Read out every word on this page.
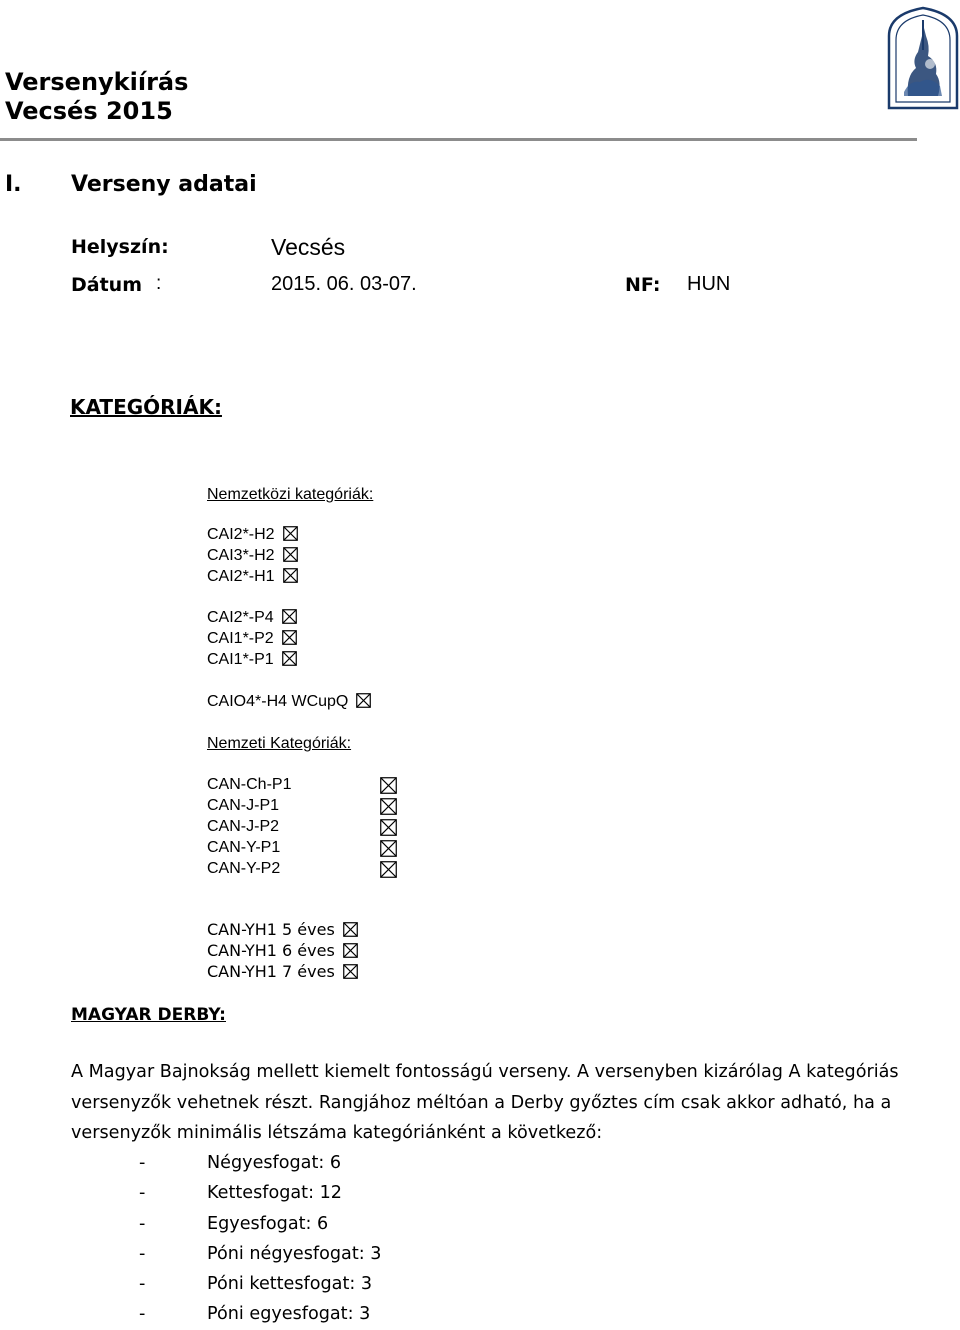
Versenykiírás
Vecsés 2015
I. Verseny adatai
Helyszín:	Vecsés
Dátum :	2015. 06. 03-07.	NF: HUN
KATEGÓRIÁK:
Nemzetközi kategóriák:
CAI2*-H2
CAI3*-H2
CAI2*-H1
CAI2*-P4
CAI1*-P2
CAI1*-P1
CAIO4*-H4 WCupQ
Nemzeti Kategóriák:
CAN-Ch-P1
CAN-J-P1
CAN-J-P2
CAN-Y-P1
CAN-Y-P2
CAN-YH1 5 éves
CAN-YH1 6 éves
CAN-YH1 7 éves
MAGYAR DERBY:
A Magyar Bajnokság mellett kiemelt fontosságú verseny. A versenyben kizárólag A kategóriás versenyzők vehetnek részt. Rangjához méltóan a Derby győztes cím csak akkor adható, ha a versenyzők minimális létszáma kategóriánként a következő:
-	Négyesfogat: 6
-	Kettesfogat: 12
-	Egyesfogat: 6
-	Póni négyesfogat: 3
-	Póni kettesfogat: 3
-	Póni egyesfogat: 3
